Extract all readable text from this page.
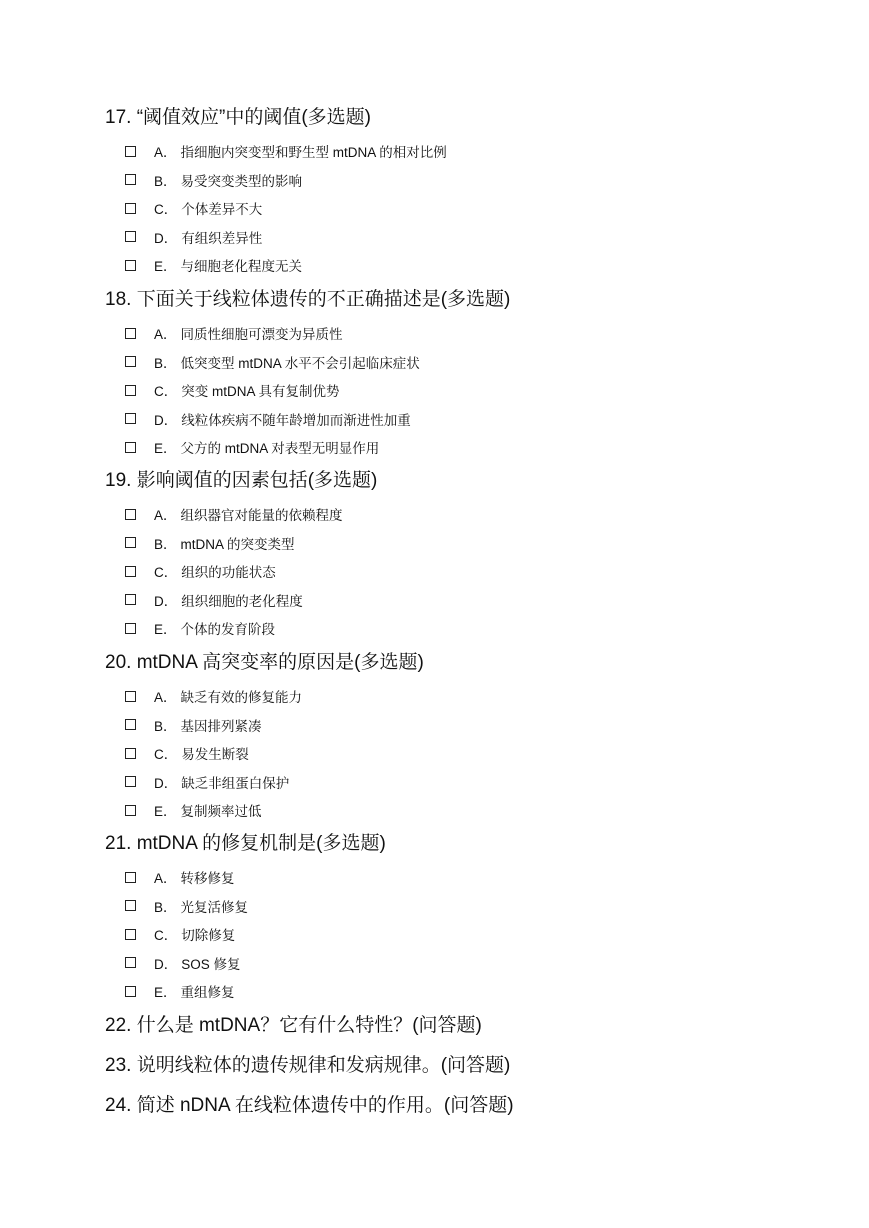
17. “阈值效应”中的阈值(多选题)
A． 指细胞内突变型和野生型 mtDNA 的相对比例
B． 易受突变类型的影响
C． 个体差异不大
D． 有组织差异性
E． 与细胞老化程度无关
18. 下面关于线粒体遗传的不正确描述是(多选题)
A． 同质性细胞可漂变为异质性
B． 低突变型 mtDNA 水平不会引起临床症状
C． 突变 mtDNA 具有复制优势
D． 线粒体疾病不随年龄增加而渐进性加重
E． 父方的 mtDNA 对表型无明显作用
19. 影响阈值的因素包括(多选题)
A． 组织器官对能量的依赖程度
B． mtDNA 的突变类型
C． 组织的功能状态
D． 组织细胞的老化程度
E． 个体的发育阶段
20. mtDNA 高突变率的原因是(多选题)
A． 缺乏有效的修复能力
B． 基因排列紧凑
C． 易发生断裂
D． 缺乏非组蛋白保护
E． 复制频率过低
21. mtDNA 的修复机制是(多选题)
A． 转移修复
B． 光复活修复
C． 切除修复
D． SOS 修复
E． 重组修复
22. 什么是 mtDNA？它有什么特性？(问答题)
23. 说明线粒体的遗传规律和发病规律。(问答题)
24. 简述 nDNA 在线粒体遗传中的作用。(问答题)
